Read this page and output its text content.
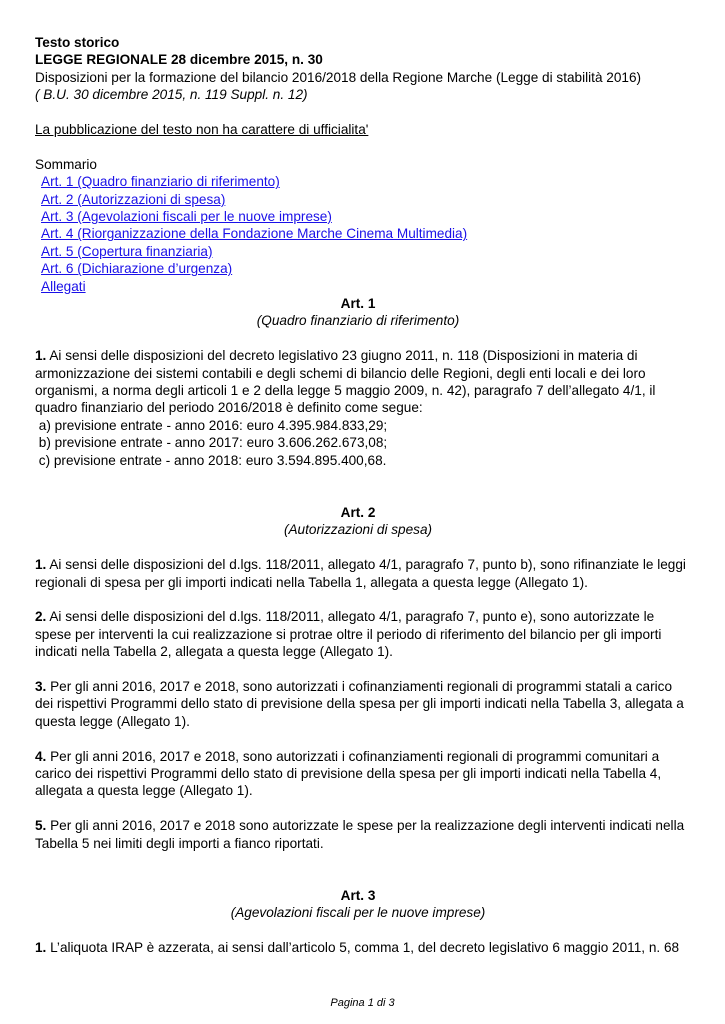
Testo storico
LEGGE REGIONALE 28 dicembre 2015, n. 30
Disposizioni per la formazione del bilancio 2016/2018 della Regione Marche (Legge di stabilità 2016)
( B.U. 30 dicembre 2015, n. 119 Suppl. n. 12)
La pubblicazione del testo non ha carattere di ufficialita'
Sommario
Art. 1 (Quadro finanziario di riferimento)
Art. 2 (Autorizzazioni di spesa)
Art. 3 (Agevolazioni fiscali per le nuove imprese)
Art. 4 (Riorganizzazione della Fondazione Marche Cinema Multimedia)
Art. 5 (Copertura finanziaria)
Art. 6 (Dichiarazione d’urgenza)
Allegati
Art. 1
(Quadro finanziario di riferimento)
1. Ai sensi delle disposizioni del decreto legislativo 23 giugno 2011, n. 118 (Disposizioni in materia di
armonizzazione dei sistemi contabili e degli schemi di bilancio delle Regioni, degli enti locali e dei loro
organismi, a norma degli articoli 1 e 2 della legge 5 maggio 2009, n. 42), paragrafo 7 dell’allegato 4/1, il
quadro finanziario del periodo 2016/2018 è definito come segue:
a) previsione entrate - anno 2016: euro 4.395.984.833,29;
b) previsione entrate - anno 2017: euro 3.606.262.673,08;
c) previsione entrate - anno 2018: euro 3.594.895.400,68.
Art. 2
(Autorizzazioni di spesa)
1. Ai sensi delle disposizioni del d.lgs. 118/2011, allegato 4/1, paragrafo 7, punto b), sono rifinanziate le leggi
regionali di spesa per gli importi indicati nella Tabella 1, allegata a questa legge (Allegato 1).
2. Ai sensi delle disposizioni del d.lgs. 118/2011, allegato 4/1, paragrafo 7, punto e), sono autorizzate le
spese per interventi la cui realizzazione si protrae oltre il periodo di riferimento del bilancio per gli importi
indicati nella Tabella 2, allegata a questa legge (Allegato 1).
3. Per gli anni 2016, 2017 e 2018, sono autorizzati i cofinanziamenti regionali di programmi statali a carico
dei rispettivi Programmi dello stato di previsione della spesa per gli importi indicati nella Tabella 3, allegata a
questa legge (Allegato 1).
4. Per gli anni 2016, 2017 e 2018, sono autorizzati i cofinanziamenti regionali di programmi comunitari a
carico dei rispettivi Programmi dello stato di previsione della spesa per gli importi indicati nella Tabella 4,
allegata a questa legge (Allegato 1).
5. Per gli anni 2016, 2017 e 2018 sono autorizzate le spese per la realizzazione degli interventi indicati nella
Tabella 5 nei limiti degli importi a fianco riportati.
Art. 3
(Agevolazioni fiscali per le nuove imprese)
1. L’aliquota IRAP è azzerata, ai sensi dall’articolo 5, comma 1, del decreto legislativo 6 maggio 2011, n. 68
Pagina 1 di 3
